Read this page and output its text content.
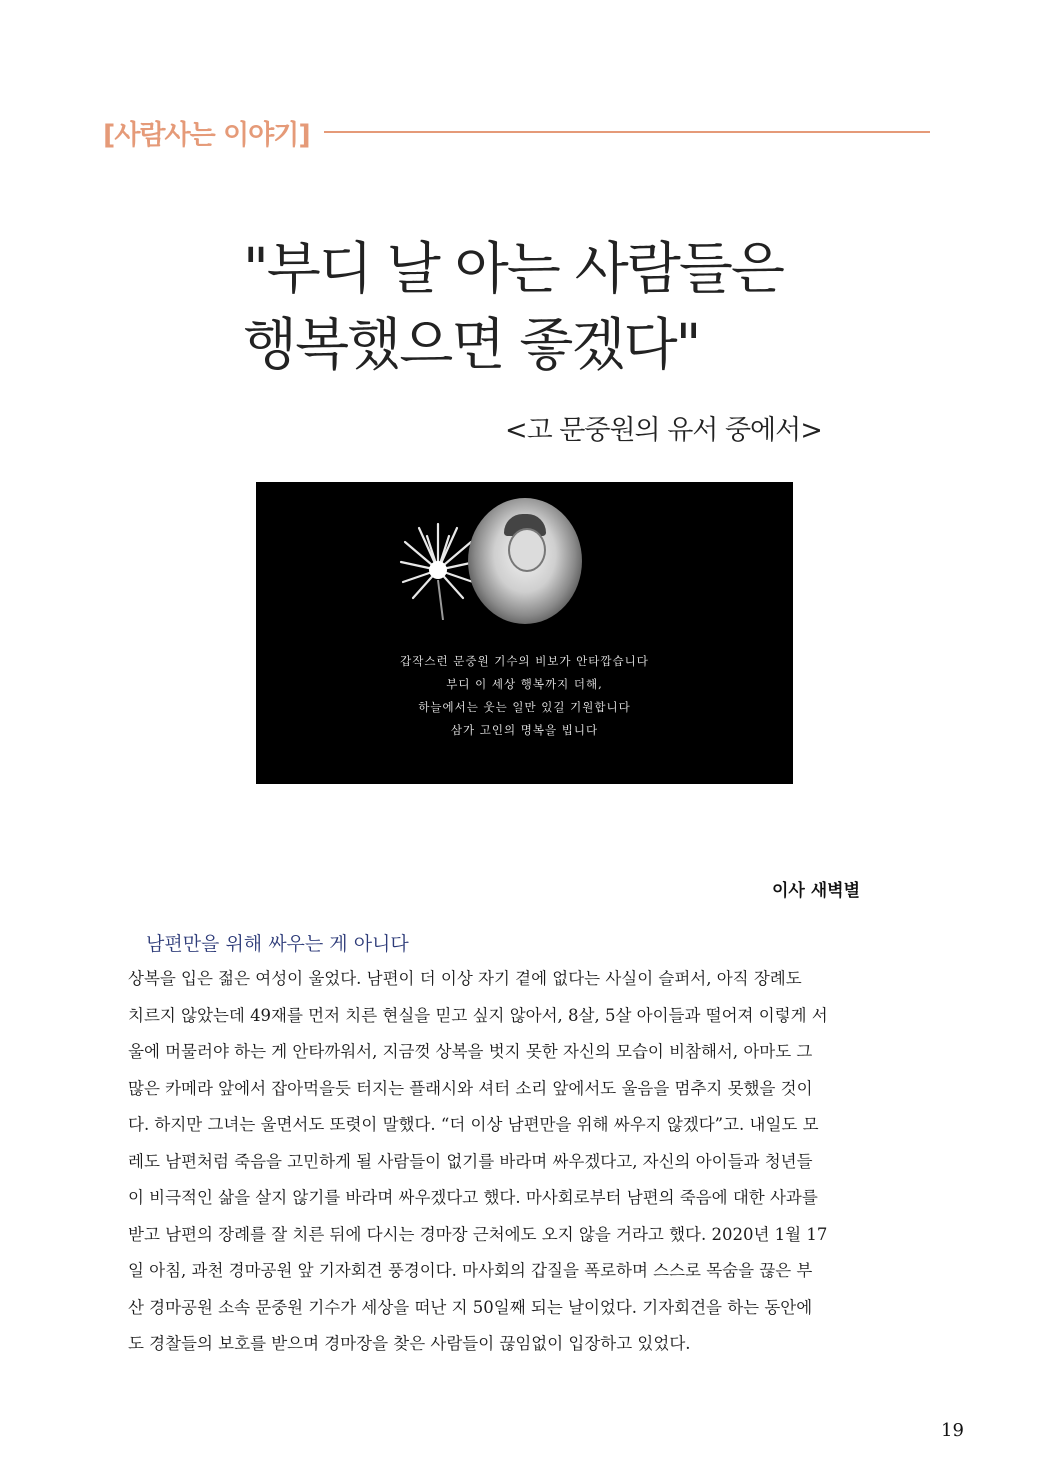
[사람사는 이야기]
"부디 날 아는 사람들은
행복했으면 좋겠다"
<고 문중원의 유서 중에서>
갑작스런 문중원 기수의 비보가 안타깝습니다
부디 이 세상 행복까지 더해,
하늘에서는 웃는 일만 있길 기원합니다
삼가 고인의 명복을 빕니다
이사 새벽별
남편만을 위해 싸우는 게 아니다
상복을 입은 젊은 여성이 울었다. 남편이 더 이상 자기 곁에 없다는 사실이 슬퍼서, 아직 장례도
치르지 않았는데 49재를 먼저 치른 현실을 믿고 싶지 않아서, 8살, 5살 아이들과 떨어져 이렇게 서
울에 머물러야 하는 게 안타까워서, 지금껏 상복을 벗지 못한 자신의 모습이 비참해서, 아마도 그
많은 카메라 앞에서 잡아먹을듯 터지는 플래시와 셔터 소리 앞에서도 울음을 멈추지 못했을 것이
다. 하지만 그녀는 울면서도 또렷이 말했다. “더 이상 남편만을 위해 싸우지 않겠다”고. 내일도 모
레도 남편처럼 죽음을 고민하게 될 사람들이 없기를 바라며 싸우겠다고, 자신의 아이들과 청년들
이 비극적인 삶을 살지 않기를 바라며 싸우겠다고 했다. 마사회로부터 남편의 죽음에 대한 사과를
받고 남편의 장례를 잘 치른 뒤에 다시는 경마장 근처에도 오지 않을 거라고 했다. 2020년 1월 17
일 아침, 과천 경마공원 앞 기자회견 풍경이다. 마사회의 갑질을 폭로하며 스스로 목숨을 끊은 부
산 경마공원 소속 문중원 기수가 세상을 떠난 지 50일째 되는 날이었다. 기자회견을 하는 동안에
도 경찰들의 보호를 받으며 경마장을 찾은 사람들이 끊임없이 입장하고 있었다.
19
